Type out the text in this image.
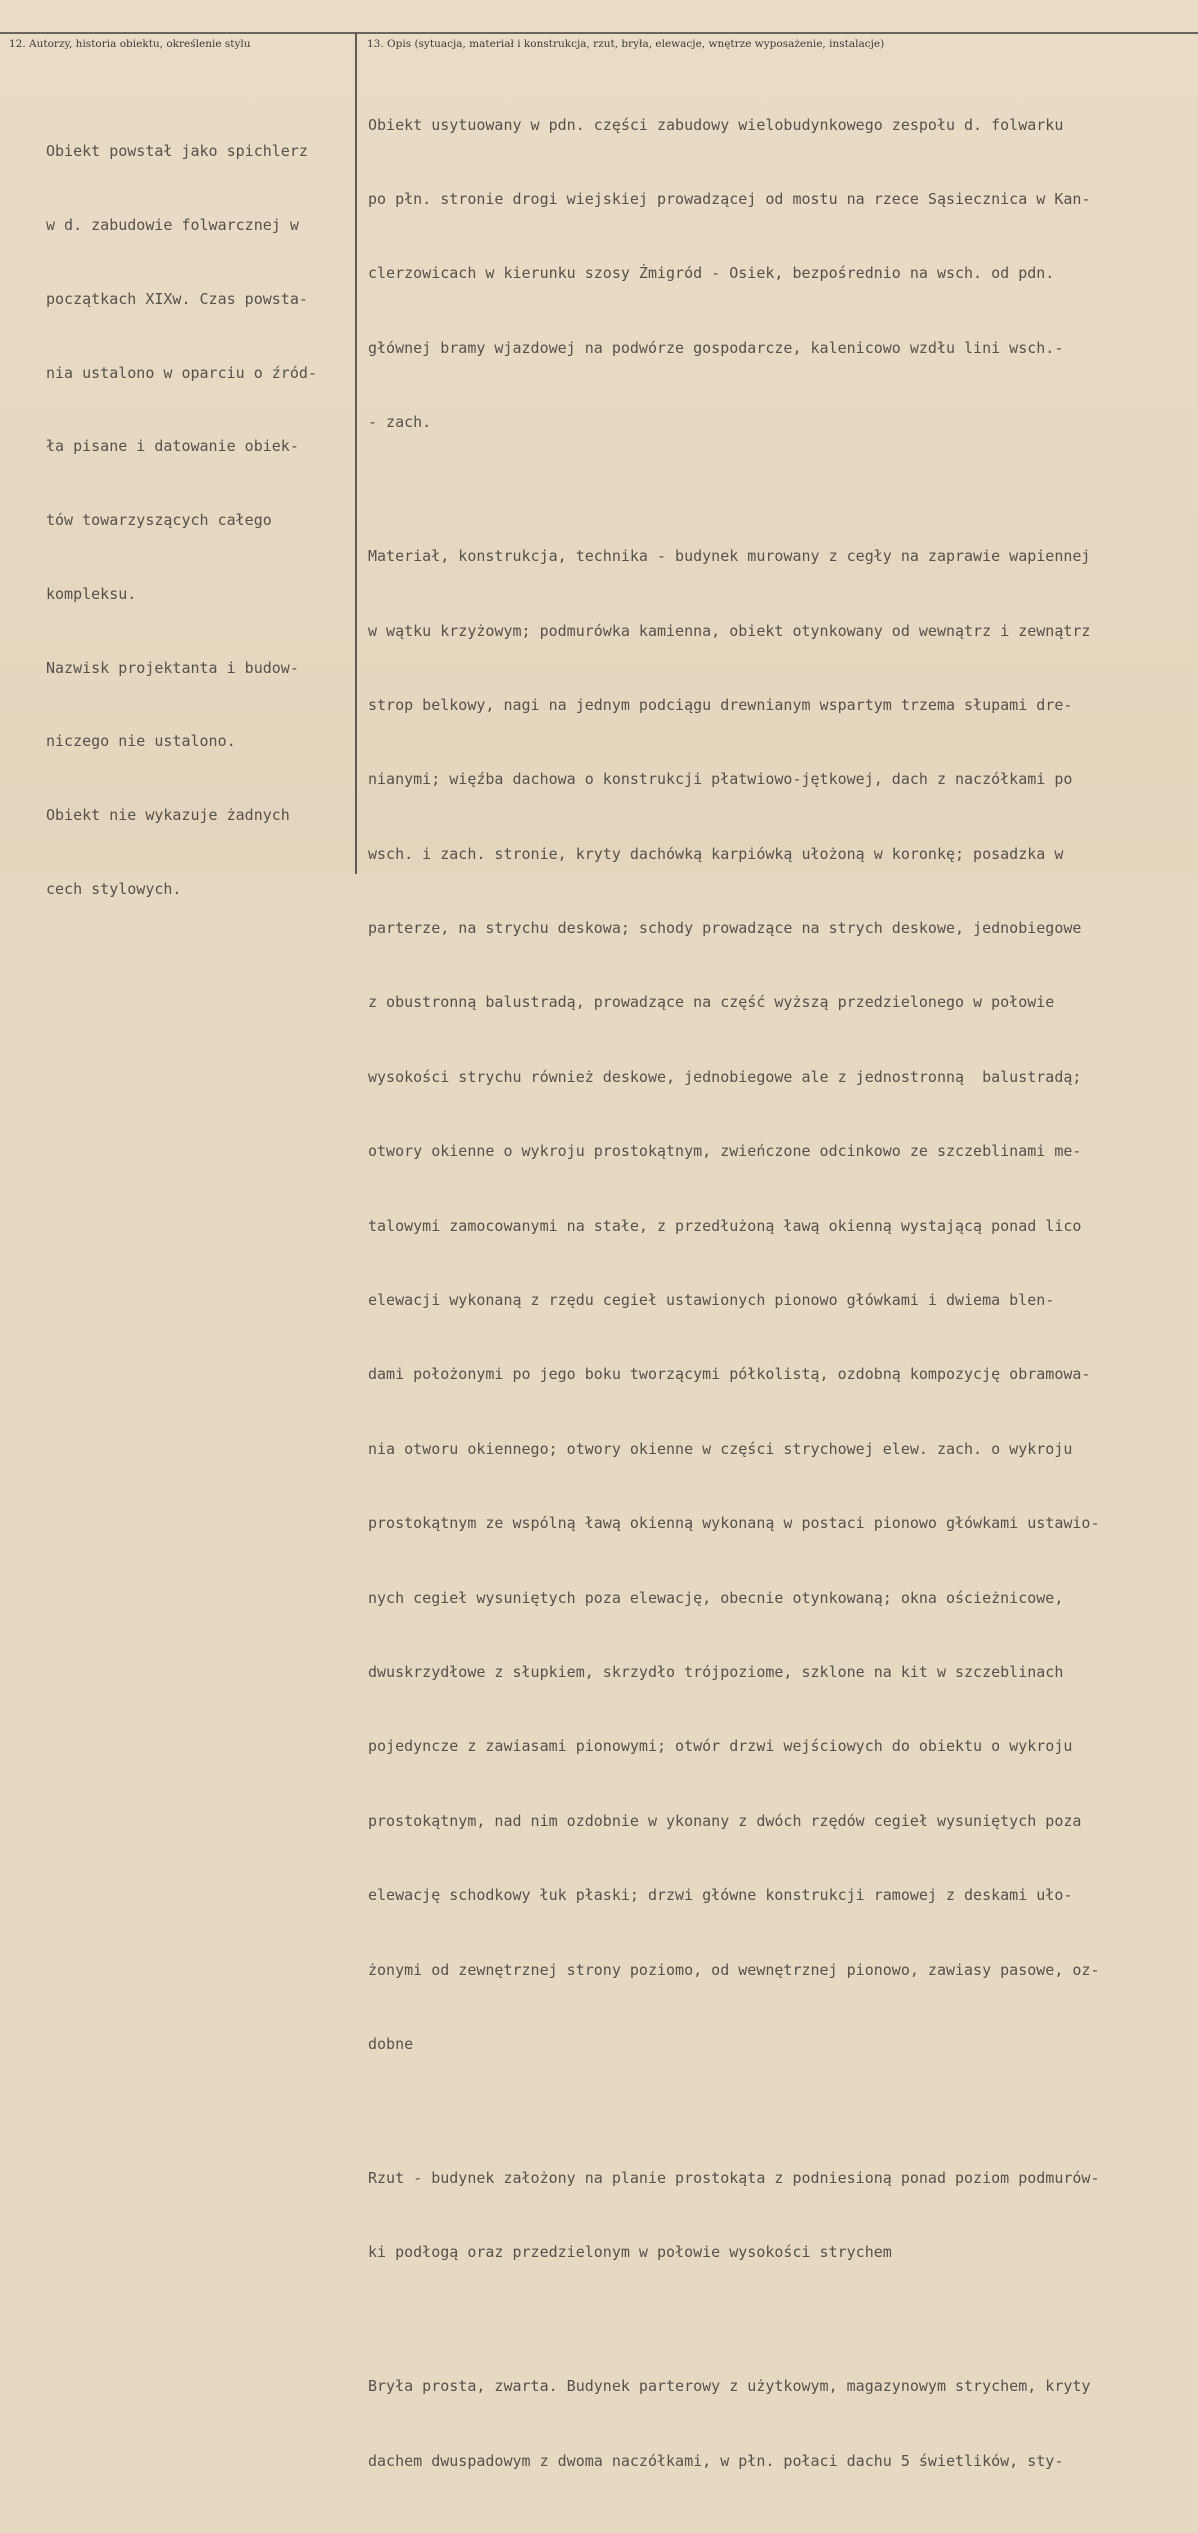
12. Autorzy, historia obiektu, określenie stylu	13. Opis (sytuacja, materiał i konstrukcja, rzut, bryła, elewacje, wnętrze wyposażenie, instalacje)

Obiekt powstał jako spichlerz

w d. zabudowie folwarcznej w

początkach XIXw. Czas powsta-

nia ustalono w oparciu o źród-

ła pisane i datowanie obiek-

tów towarzyszących całego

kompleksu.

Nazwisk projektanta i budow-

niczego nie ustalono.

Obiekt nie wykazuje żadnych

cech stylowych.

Obiekt usytuowany w pdn. części zabudowy wielobudynkowego zespołu d. folwarku

po płn. stronie drogi wiejskiej prowadzącej od mostu na rzece Sąsiecznica w Kan-

clerzowicach w kierunku szosy Żmigród - Osiek, bezpośrednio na wsch. od pdn.

głównej bramy wjazdowej na podwórze gospodarcze, kalenicowo wzdłu lini wsch.-

- zach.

Materiał, konstrukcja, technika - budynek murowany z cegły na zaprawie wapiennej

w wątku krzyżowym; podmurówka kamienna, obiekt otynkowany od wewnątrz i zewnątrz

strop belkowy, nagi na jednym podciągu drewnianym wspartym trzema słupami dre-

nianymi; więźba dachowa o konstrukcji płatwiowo-jętkowej, dach z naczółkami po

wsch. i zach. stronie, kryty dachówką karpiówką ułożoną w koronkę; posadzka w

parterze, na strychu deskowa; schody prowadzące na strych deskowe, jednobiegowe

z obustronną balustradą, prowadzące na część wyższą przedzielonego w połowie

wysokości strychu również deskowe, jednobiegowe ale z jednostronną  balustradą;

otwory okienne o wykroju prostokątnym, zwieńczone odcinkowo ze szczeblinami me-

talowymi zamocowanymi na stałe, z przedłużoną ławą okienną wystającą ponad lico

elewacji wykonaną z rzędu cegieł ustawionych pionowo główkami i dwiema blen-

dami położonymi po jego boku tworzącymi półkolistą, ozdobną kompozycję obramowa-

nia otworu okiennego; otwory okienne w części strychowej elew. zach. o wykroju

prostokątnym ze wspólną ławą okienną wykonaną w postaci pionowo główkami ustawio-

nych cegieł wysuniętych poza elewację, obecnie otynkowaną; okna ościeżnicowe,

dwuskrzydłowe z słupkiem, skrzydło trójpoziome, szklone na kit w szczeblinach

pojedyncze z zawiasami pionowymi; otwór drzwi wejściowych do obiektu o wykroju

prostokątnym, nad nim ozdobnie w ykonany z dwóch rzędów cegieł wysuniętych poza

elewację schodkowy łuk płaski; drzwi główne konstrukcji ramowej z deskami uło-

żonymi od zewnętrznej strony poziomo, od wewnętrznej pionowo, zawiasy pasowe, oz-

dobne

Rzut - budynek założony na planie prostokąta z podniesioną ponad poziom podmurów-

ki podłogą oraz przedzielonym w połowie wysokości strychem

Bryła prosta, zwarta. Budynek parterowy z użytkowym, magazynowym strychem, kryty

dachem dwuspadowym z dwoma naczółkami, w płn. połaci dachu 5 świetlików, sty-
